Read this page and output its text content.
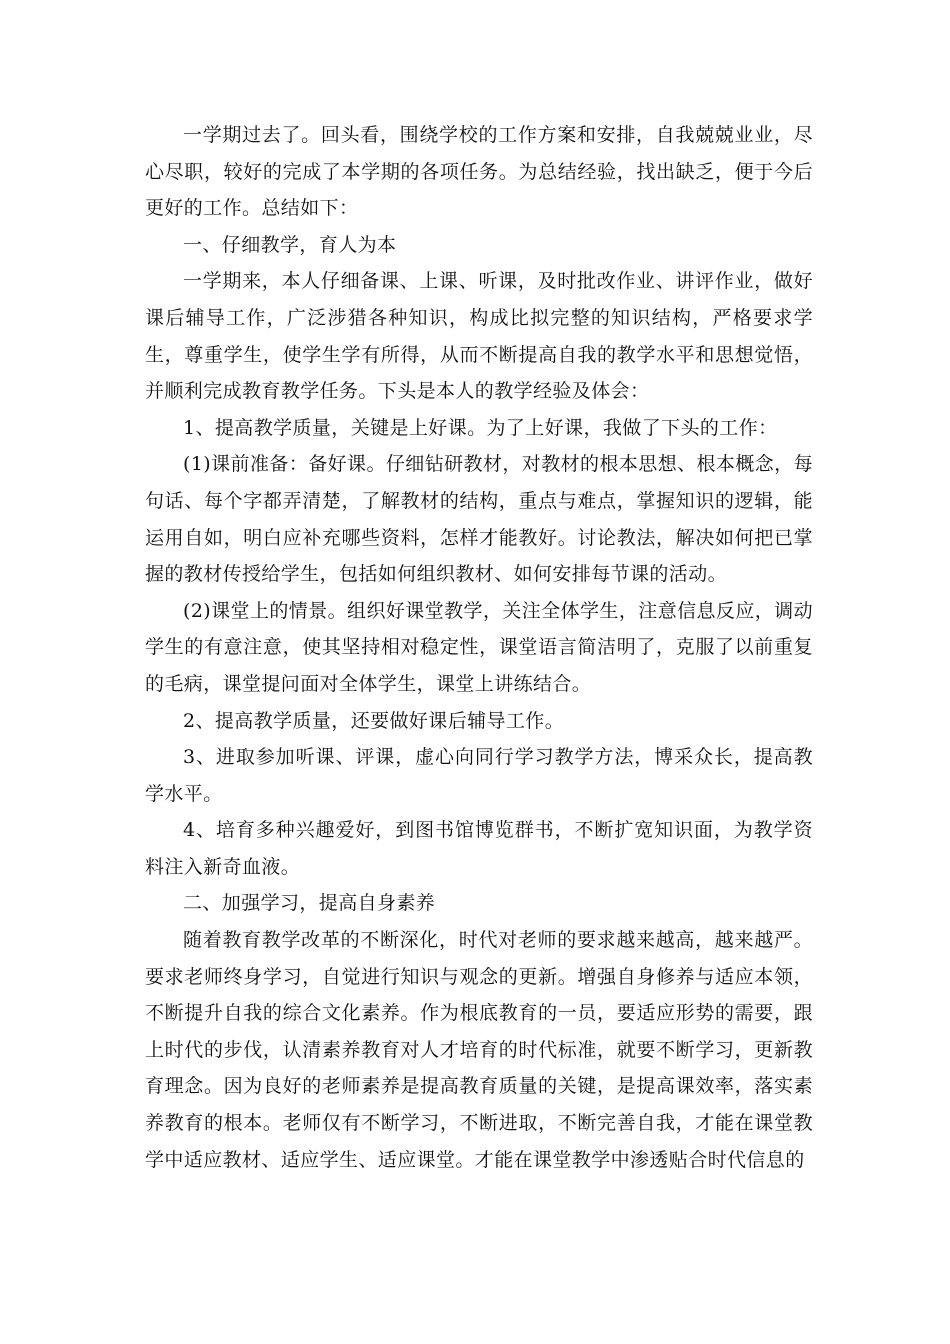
一学期过去了。回头看，围绕学校的工作方案和安排，自我兢兢业业，尽心尽职，较好的完成了本学期的各项任务。为总结经验，找出缺乏，便于今后更好的工作。总结如下：

一、仔细教学，育人为本

一学期来，本人仔细备课、上课、听课，及时批改作业、讲评作业，做好课后辅导工作，广泛涉猎各种知识，构成比拟完整的知识结构，严格要求学生，尊重学生，使学生学有所得，从而不断提高自我的教学水平和思想觉悟，并顺利完成教育教学任务。下头是本人的教学经验及体会：

1、提高教学质量，关键是上好课。为了上好课，我做了下头的工作：

(1)课前准备：备好课。仔细钻研教材，对教材的根本思想、根本概念，每句话、每个字都弄清楚，了解教材的结构，重点与难点，掌握知识的逻辑，能运用自如，明白应补充哪些资料，怎样才能教好。讨论教法，解决如何把已掌握的教材传授给学生，包括如何组织教材、如何安排每节课的活动。

(2)课堂上的情景。组织好课堂教学，关注全体学生，注意信息反应，调动学生的有意注意，使其坚持相对稳定性，课堂语言简洁明了，克服了以前重复的毛病，课堂提问面对全体学生，课堂上讲练结合。

2、提高教学质量，还要做好课后辅导工作。

3、进取参加听课、评课，虚心向同行学习教学方法，博采众长，提高教学水平。

4、培育多种兴趣爱好，到图书馆博览群书，不断扩宽知识面，为教学资料注入新奇血液。

二、加强学习，提高自身素养

随着教育教学改革的不断深化，时代对老师的要求越来越高，越来越严。要求老师终身学习，自觉进行知识与观念的更新。增强自身修养与适应本领，不断提升自我的综合文化素养。作为根底教育的一员，要适应形势的需要，跟上时代的步伐，认清素养教育对人才培育的时代标准，就要不断学习，更新教育理念。因为良好的老师素养是提高教育质量的关键，是提高课效率，落实素养教育的根本。老师仅有不断学习，不断进取，不断完善自我，才能在课堂教学中适应教材、适应学生、适应课堂。才能在课堂教学中渗透贴合时代信息的
